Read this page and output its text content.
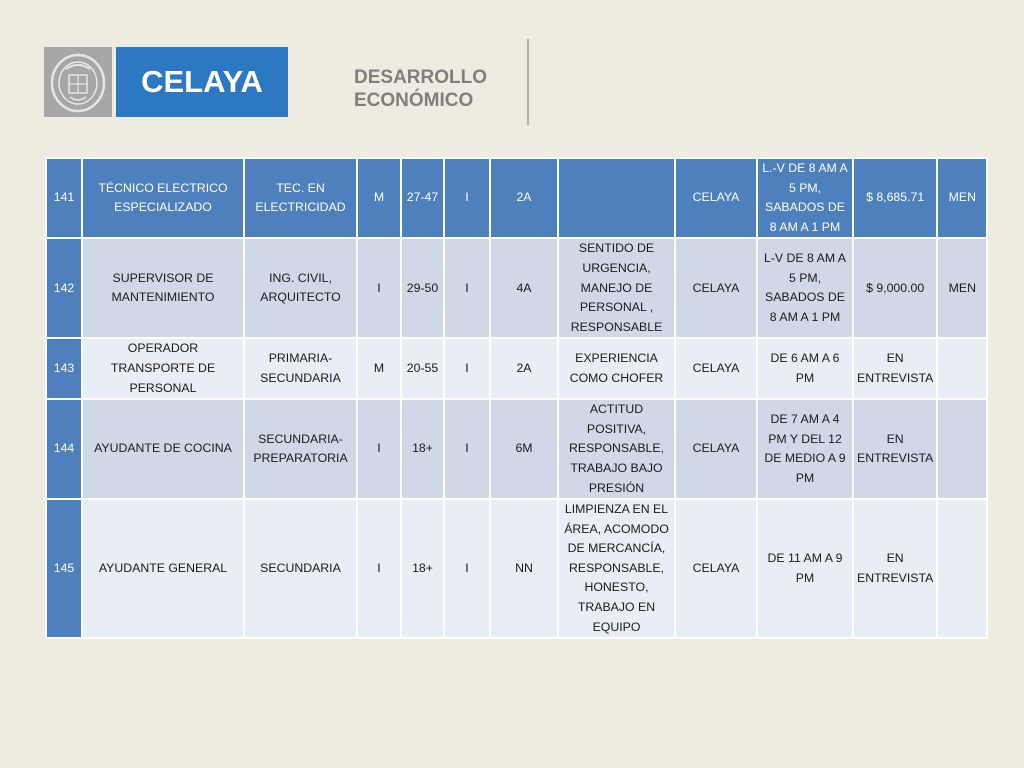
CELAYA	DESARROLLO
ECONÓMICO
141	TÉCNICO ELECTRICO ESPECIALIZADO	TEC. EN ELECTRICIDAD	M	27-47	I	2A		CELAYA	L.-V DE 8 AM A 5 PM, SABADOS DE 8 AM A 1 PM	$ 8,685.71	MEN
142	SUPERVISOR DE MANTENIMIENTO	ING. CIVIL, ARQUITECTO	I	29-50	I	4A	SENTIDO DE URGENCIA, MANEJO DE PERSONAL , RESPONSABLE	CELAYA	L-V DE 8 AM A 5 PM, SABADOS DE 8 AM A 1 PM	$ 9,000.00	MEN
143	OPERADOR TRANSPORTE DE PERSONAL	PRIMARIA-SECUNDARIA	M	20-55	I	2A	EXPERIENCIA COMO CHOFER	CELAYA	DE 6 AM A 6 PM	EN ENTREVISTA	
144	AYUDANTE DE COCINA	SECUNDARIA-PREPARATORIA	I	18+	I	6M	ACTITUD POSITIVA, RESPONSABLE, TRABAJO BAJO PRESIÓN	CELAYA	DE 7 AM A 4 PM Y DEL 12 DE MEDIO A 9 PM	EN ENTREVISTA	
145	AYUDANTE GENERAL	SECUNDARIA	I	18+	I	NN	LIMPIENZA EN EL ÁREA, ACOMODO DE MERCANCÍA, RESPONSABLE, HONESTO, TRABAJO EN EQUIPO	CELAYA	DE 11 AM A 9 PM	EN ENTREVISTA	
